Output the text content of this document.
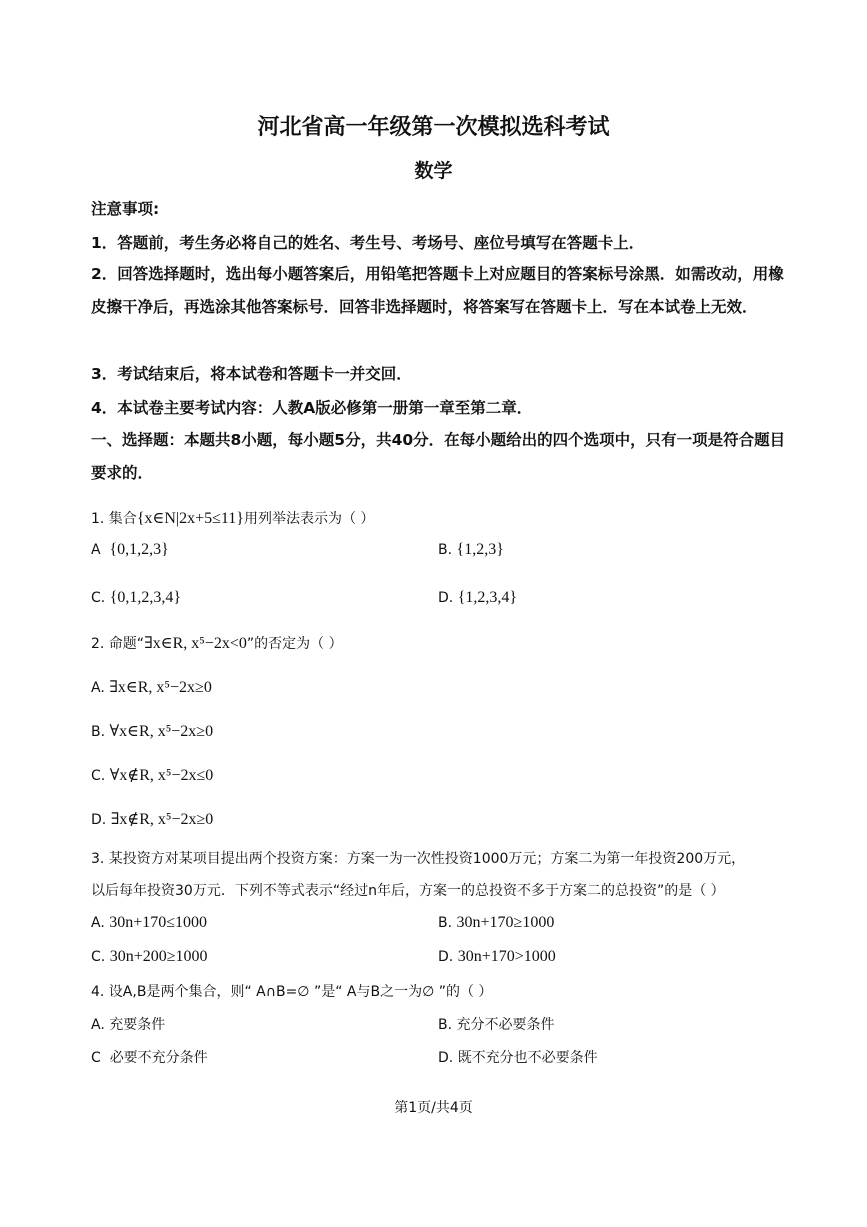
河北省高一年级第一次模拟选科考试
数学
注意事项:
1．答题前，考生务必将自己的姓名、考生号、考场号、座位号填写在答题卡上．
2．回答选择题时，选出每小题答案后，用铅笔把答题卡上对应题目的答案标号涂黑．如需改动，用橡皮擦干净后，再选涂其他答案标号．回答非选择题时，将答案写在答题卡上．写在本试卷上无效．
3．考试结束后，将本试卷和答题卡一并交回．
4．本试卷主要考试内容：人教A版必修第一册第一章至第二章．
一、选择题：本题共8小题，每小题5分，共40分．在每小题给出的四个选项中，只有一项是符合题目要求的．
1. 集合{x∈N|2x+5≤11}用列举法表示为（ ）
A {0,1,2,3}	B. {1,2,3}
C. {0,1,2,3,4}	D. {1,2,3,4}
2. 命题“∃x∈R, x⁵−2x<0”的否定为（ ）
A. ∃x∈R, x⁵−2x≥0
B. ∀x∈R, x⁵−2x≥0
C. ∀x∉R, x⁵−2x≤0
D. ∃x∉R, x⁵−2x≥0
3. 某投资方对某项目提出两个投资方案：方案一为一次性投资1000万元；方案二为第一年投资200万元，
以后每年投资30万元．下列不等式表示“经过n年后，方案一的总投资不多于方案二的总投资”的是（ ）
A. 30n+170≤1000	B. 30n+170≥1000
C. 30n+200≥1000	D. 30n+170>1000
4. 设A,B是两个集合，则“ A∩B=∅ ”是“ A与B之一为∅ ”的（ ）
A. 充要条件	B. 充分不必要条件
C 必要不充分条件	D. 既不充分也不必要条件
第1页/共4页
